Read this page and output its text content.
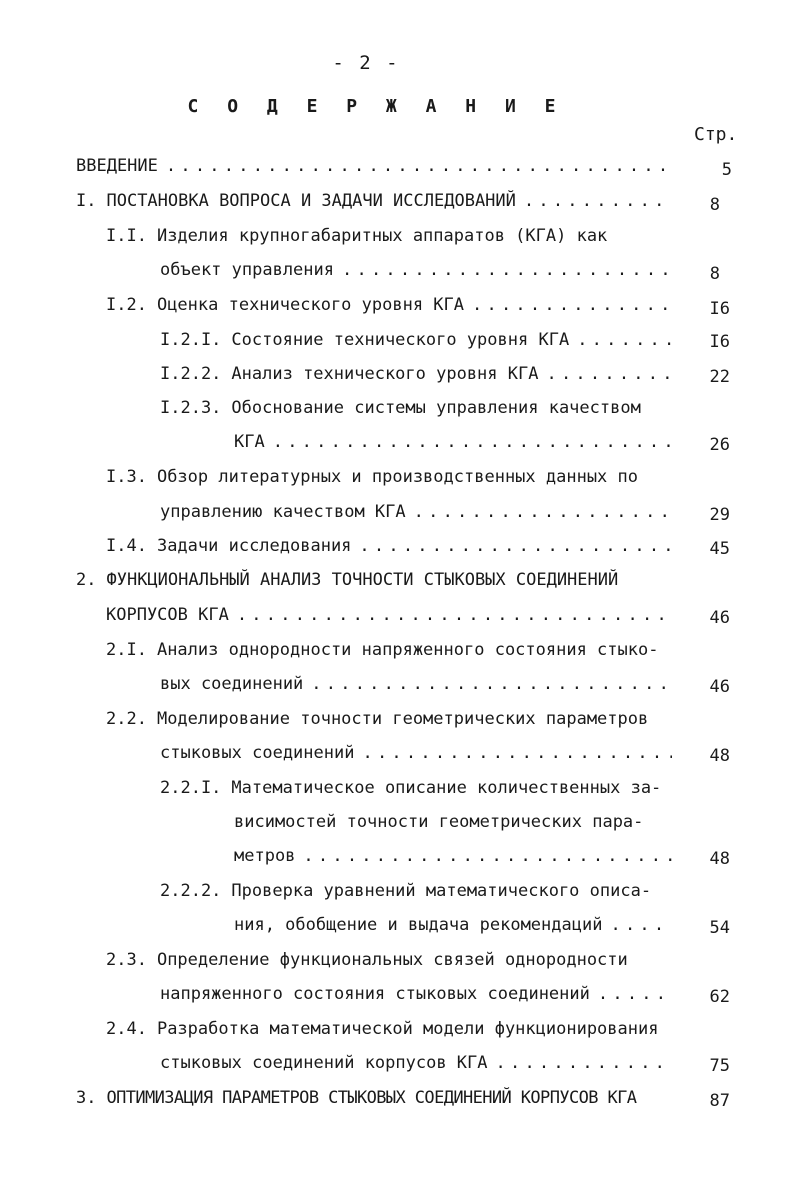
- 2 -
С О Д Е Р Ж А Н И Е
Стр.
ВВЕДЕНИЕ . . .	5
I. ПОСТАНОВКА ВОПРОСА И ЗАДАЧИ ИССЛЕДОВАНИЙ . . .	8
I.I. Изделия крупногабаритных аппаратов (КГА) как
объект управления . . .	8
I.2. Оценка технического уровня КГА . . .	I6
I.2.I. Состояние технического уровня КГА . . .	I6
I.2.2. Анализ технического уровня КГА . . .	22
I.2.3. Обоснование системы управления качеством
КГА . . .	26
I.3. Обзор литературных и производственных данных по
управлению качеством КГА . . .	29
I.4. Задачи исследования . . .	45
2. ФУНКЦИОНАЛЬНЫЙ АНАЛИЗ ТОЧНОСТИ СТЫКОВЫХ СОЕДИНЕНИЙ
КОРПУСОВ КГА . . .	46
2.I. Анализ однородности напряженного состояния стыко-
вых соединений . . .	46
2.2. Моделирование точности геометрических параметров
стыковых соединений . . .	48
2.2.I. Математическое описание количественных за-
висимостей точности геометрических пара-
метров . . .	48
2.2.2. Проверка уравнений математического описа-
ния, обобщение и выдача рекомендаций . . .	54
2.3. Определение функциональных связей однородности
напряженного состояния стыковых соединений . . .	62
2.4. Разработка математической модели функционирования
стыковых соединений корпусов КГА . . .	75
3. ОПТИМИЗАЦИЯ ПАРАМЕТРОВ СТЫКОВЫХ СОЕДИНЕНИЙ КОРПУСОВ КГА	87
